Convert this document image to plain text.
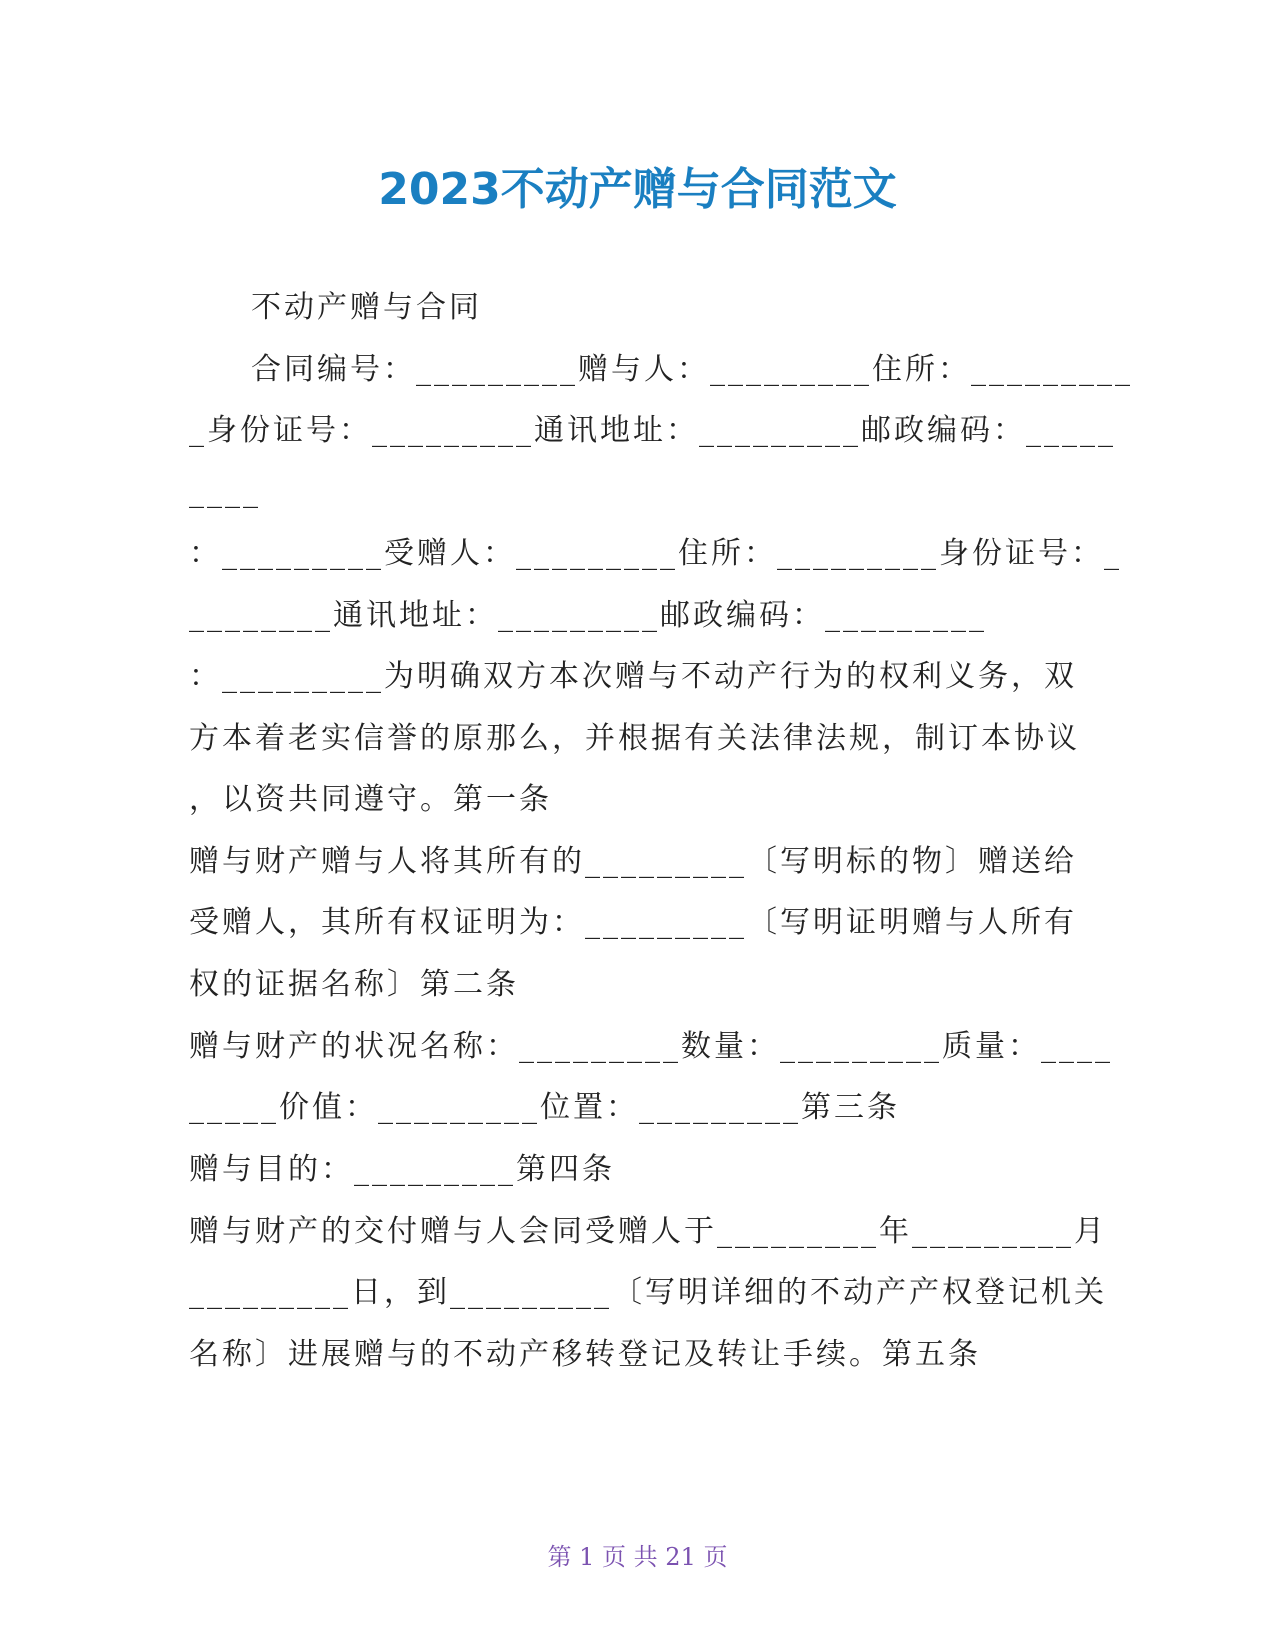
2023不动产赠与合同范文
不动产赠与合同
合同编号：_________赠与人：_________住所：_________
_身份证号：_________通讯地址：_________邮政编码：_____
____
：_________受赠人：_________住所：_________身份证号：_
________通讯地址：_________邮政编码：_________
：_________为明确双方本次赠与不动产行为的权利义务，双
方本着老实信誉的原那么，并根据有关法律法规，制订本协议
，以资共同遵守。第一条
赠与财产赠与人将其所有的_________〔写明标的物〕赠送给
受赠人，其所有权证明为：_________〔写明证明赠与人所有
权的证据名称〕第二条
赠与财产的状况名称：_________数量：_________质量：____
_____价值：_________位置：_________第三条
赠与目的：_________第四条
赠与财产的交付赠与人会同受赠人于_________年_________月
_________日，到_________〔写明详细的不动产产权登记机关
名称〕进展赠与的不动产移转登记及转让手续。第五条
第 1 页 共 21 页
